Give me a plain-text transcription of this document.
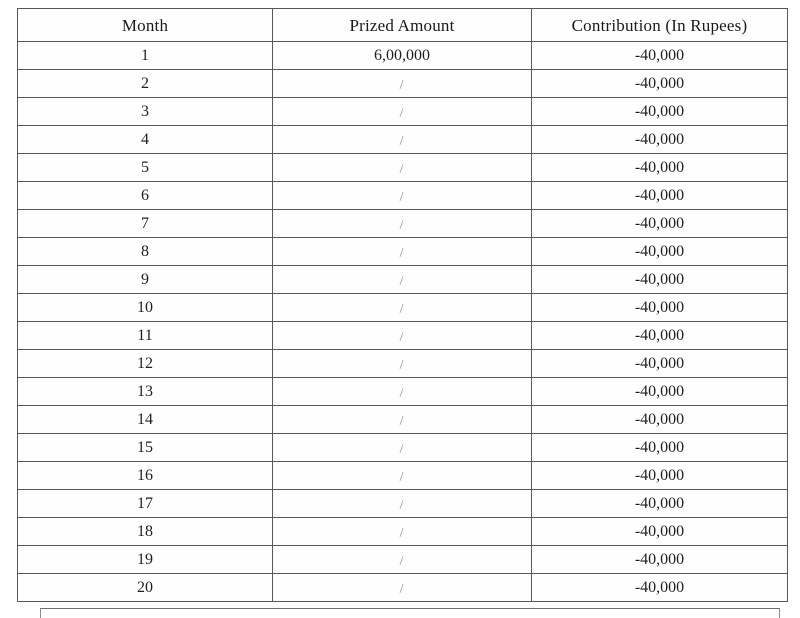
Month	Prized Amount	Contribution (In Rupees)

1	6,00,000	-40,000

2	⁄	-40,000

3	⁄	-40,000

4	⁄	-40,000

5	⁄	-40,000

6	⁄	-40,000

7	⁄	-40,000

8	⁄	-40,000

9	⁄	-40,000

10	⁄	-40,000

11	⁄	-40,000

12	⁄	-40,000

13	⁄	-40,000

14	⁄	-40,000

15	⁄	-40,000

16	⁄	-40,000

17	⁄	-40,000

18	⁄	-40,000

19	⁄	-40,000

20	⁄	-40,000
